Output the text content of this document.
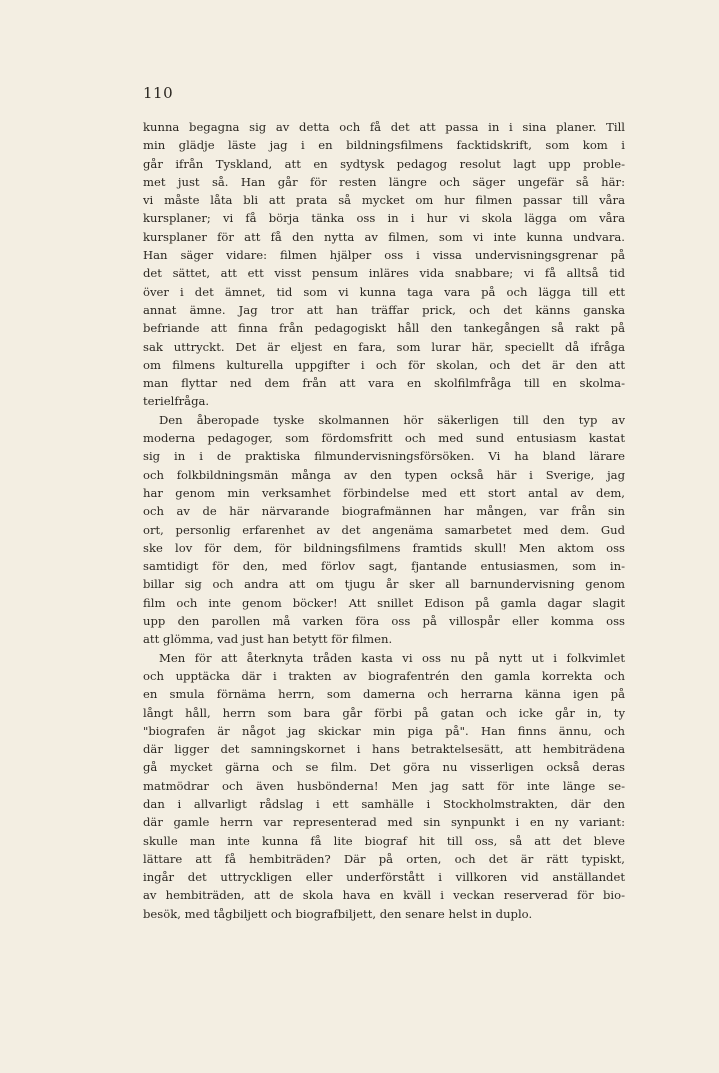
110
kunna begagna sig av detta och få det att passa in i sina planer. Till
min glädje läste jag i en bildningsfilmens facktidskrift, som kom i
går ifrån Tyskland, att en sydtysk pedagog resolut lagt upp proble-
met just så. Han går för resten längre och säger ungefär så här:
vi måste låta bli att prata så mycket om hur filmen passar till våra
kursplaner; vi få börja tänka oss in i hur vi skola lägga om våra
kursplaner för att få den nytta av filmen, som vi inte kunna undvara.
Han säger vidare: filmen hjälper oss i vissa undervisningsgrenar på
det sättet, att ett visst pensum inläres vida snabbare; vi få alltså tid
över i det ämnet, tid som vi kunna taga vara på och lägga till ett
annat ämne. Jag tror att han träffar prick, och det känns ganska
befriande att finna från pedagogiskt håll den tankegången så rakt på
sak uttryckt. Det är eljest en fara, som lurar här, speciellt då ifråga
om filmens kulturella uppgifter i och för skolan, och det är den att
man flyttar ned dem från att vara en skolfilmfråga till en skolma-
terielfråga.
Den åberopade tyske skolmannen hör säkerligen till den typ av
moderna pedagoger, som fördomsfritt och med sund entusiasm kastat
sig in i de praktiska filmundervisningsförsöken. Vi ha bland lärare
och folkbildningsmän många av den typen också här i Sverige, jag
har genom min verksamhet förbindelse med ett stort antal av dem,
och av de här närvarande biografmännen har mången, var från sin
ort, personlig erfarenhet av det angenäma samarbetet med dem. Gud
ske lov för dem, för bildningsfilmens framtids skull! Men aktom oss
samtidigt för den, med förlov sagt, fjantande entusiasmen, som in-
billar sig och andra att om tjugu år sker all barnundervisning genom
film och inte genom böcker! Att snillet Edison på gamla dagar slagit
upp den parollen må varken föra oss på villospår eller komma oss
att glömma, vad just han betytt för filmen.
Men för att återknyta tråden kasta vi oss nu på nytt ut i folkvimlet
och upptäcka där i trakten av biografentrén den gamla korrekta och
en smula förnäma herrn, som damerna och herrarna känna igen på
långt håll, herrn som bara går förbi på gatan och icke går in, ty
"biografen är något jag skickar min piga på". Han finns ännu, och
där ligger det samningskornet i hans betraktelsesätt, att hembiträdena
gå mycket gärna och se film. Det göra nu visserligen också deras
matmödrar och även husbönderna! Men jag satt för inte länge se-
dan i allvarligt rådslag i ett samhälle i Stockholmstrakten, där den
där gamle herrn var representerad med sin synpunkt i en ny variant:
skulle man inte kunna få lite biograf hit till oss, så att det bleve
lättare att få hembiträden? Där på orten, och det är rätt typiskt,
ingår det uttryckligen eller underförstått i villkoren vid anställandet
av hembiträden, att de skola hava en kväll i veckan reserverad för bio-
besök, med tågbiljett och biografbiljett, den senare helst in duplo.
